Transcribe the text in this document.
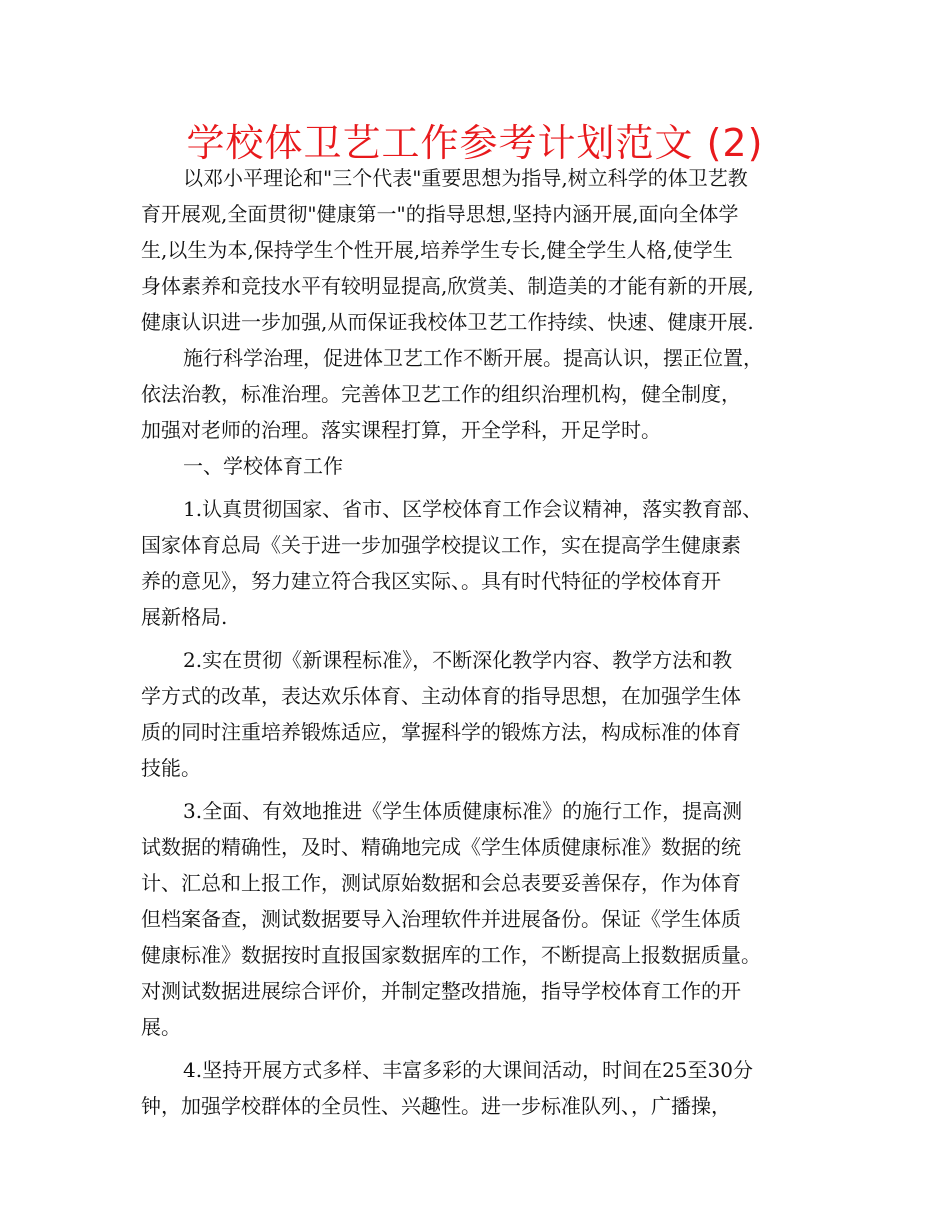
学校体卫艺工作参考计划范文 (2)
以邓小平理论和"三个代表"重要思想为指导,树立科学的体卫艺教
育开展观,全面贯彻"健康第一"的指导思想,坚持内涵开展,面向全体学
生,以生为本,保持学生个性开展,培养学生专长,健全学生人格,使学生
身体素养和竞技水平有较明显提高,欣赏美、制造美的才能有新的开展,
健康认识进一步加强,从而保证我校体卫艺工作持续、快速、健康开展.
施行科学治理，促进体卫艺工作不断开展。提高认识，摆正位置，
依法治教，标准治理。完善体卫艺工作的组织治理机构，健全制度，
加强对老师的治理。落实课程打算，开全学科，开足学时。
一、学校体育工作
1.认真贯彻国家、省市、区学校体育工作会议精神，落实教育部、
国家体育总局《关于进一步加强学校提议工作，实在提高学生健康素
养的意见》，努力建立符合我区实际、。具有时代特征的学校体育开
展新格局.
2.实在贯彻《新课程标准》，不断深化教学内容、教学方法和教
学方式的改革，表达欢乐体育、主动体育的指导思想，在加强学生体
质的同时注重培养锻炼适应，掌握科学的锻炼方法，构成标准的体育
技能。
3.全面、有效地推进《学生体质健康标准》的施行工作，提高测
试数据的精确性，及时、精确地完成《学生体质健康标准》数据的统
计、汇总和上报工作，测试原始数据和会总表要妥善保存，作为体育
但档案备查，测试数据要导入治理软件并进展备份。保证《学生体质
健康标准》数据按时直报国家数据库的工作，不断提高上报数据质量。
对测试数据进展综合评价，并制定整改措施，指导学校体育工作的开
展。
4.坚持开展方式多样、丰富多彩的大课间活动，时间在25至30分
钟，加强学校群体的全员性、兴趣性。进一步标准队列、，广播操，
